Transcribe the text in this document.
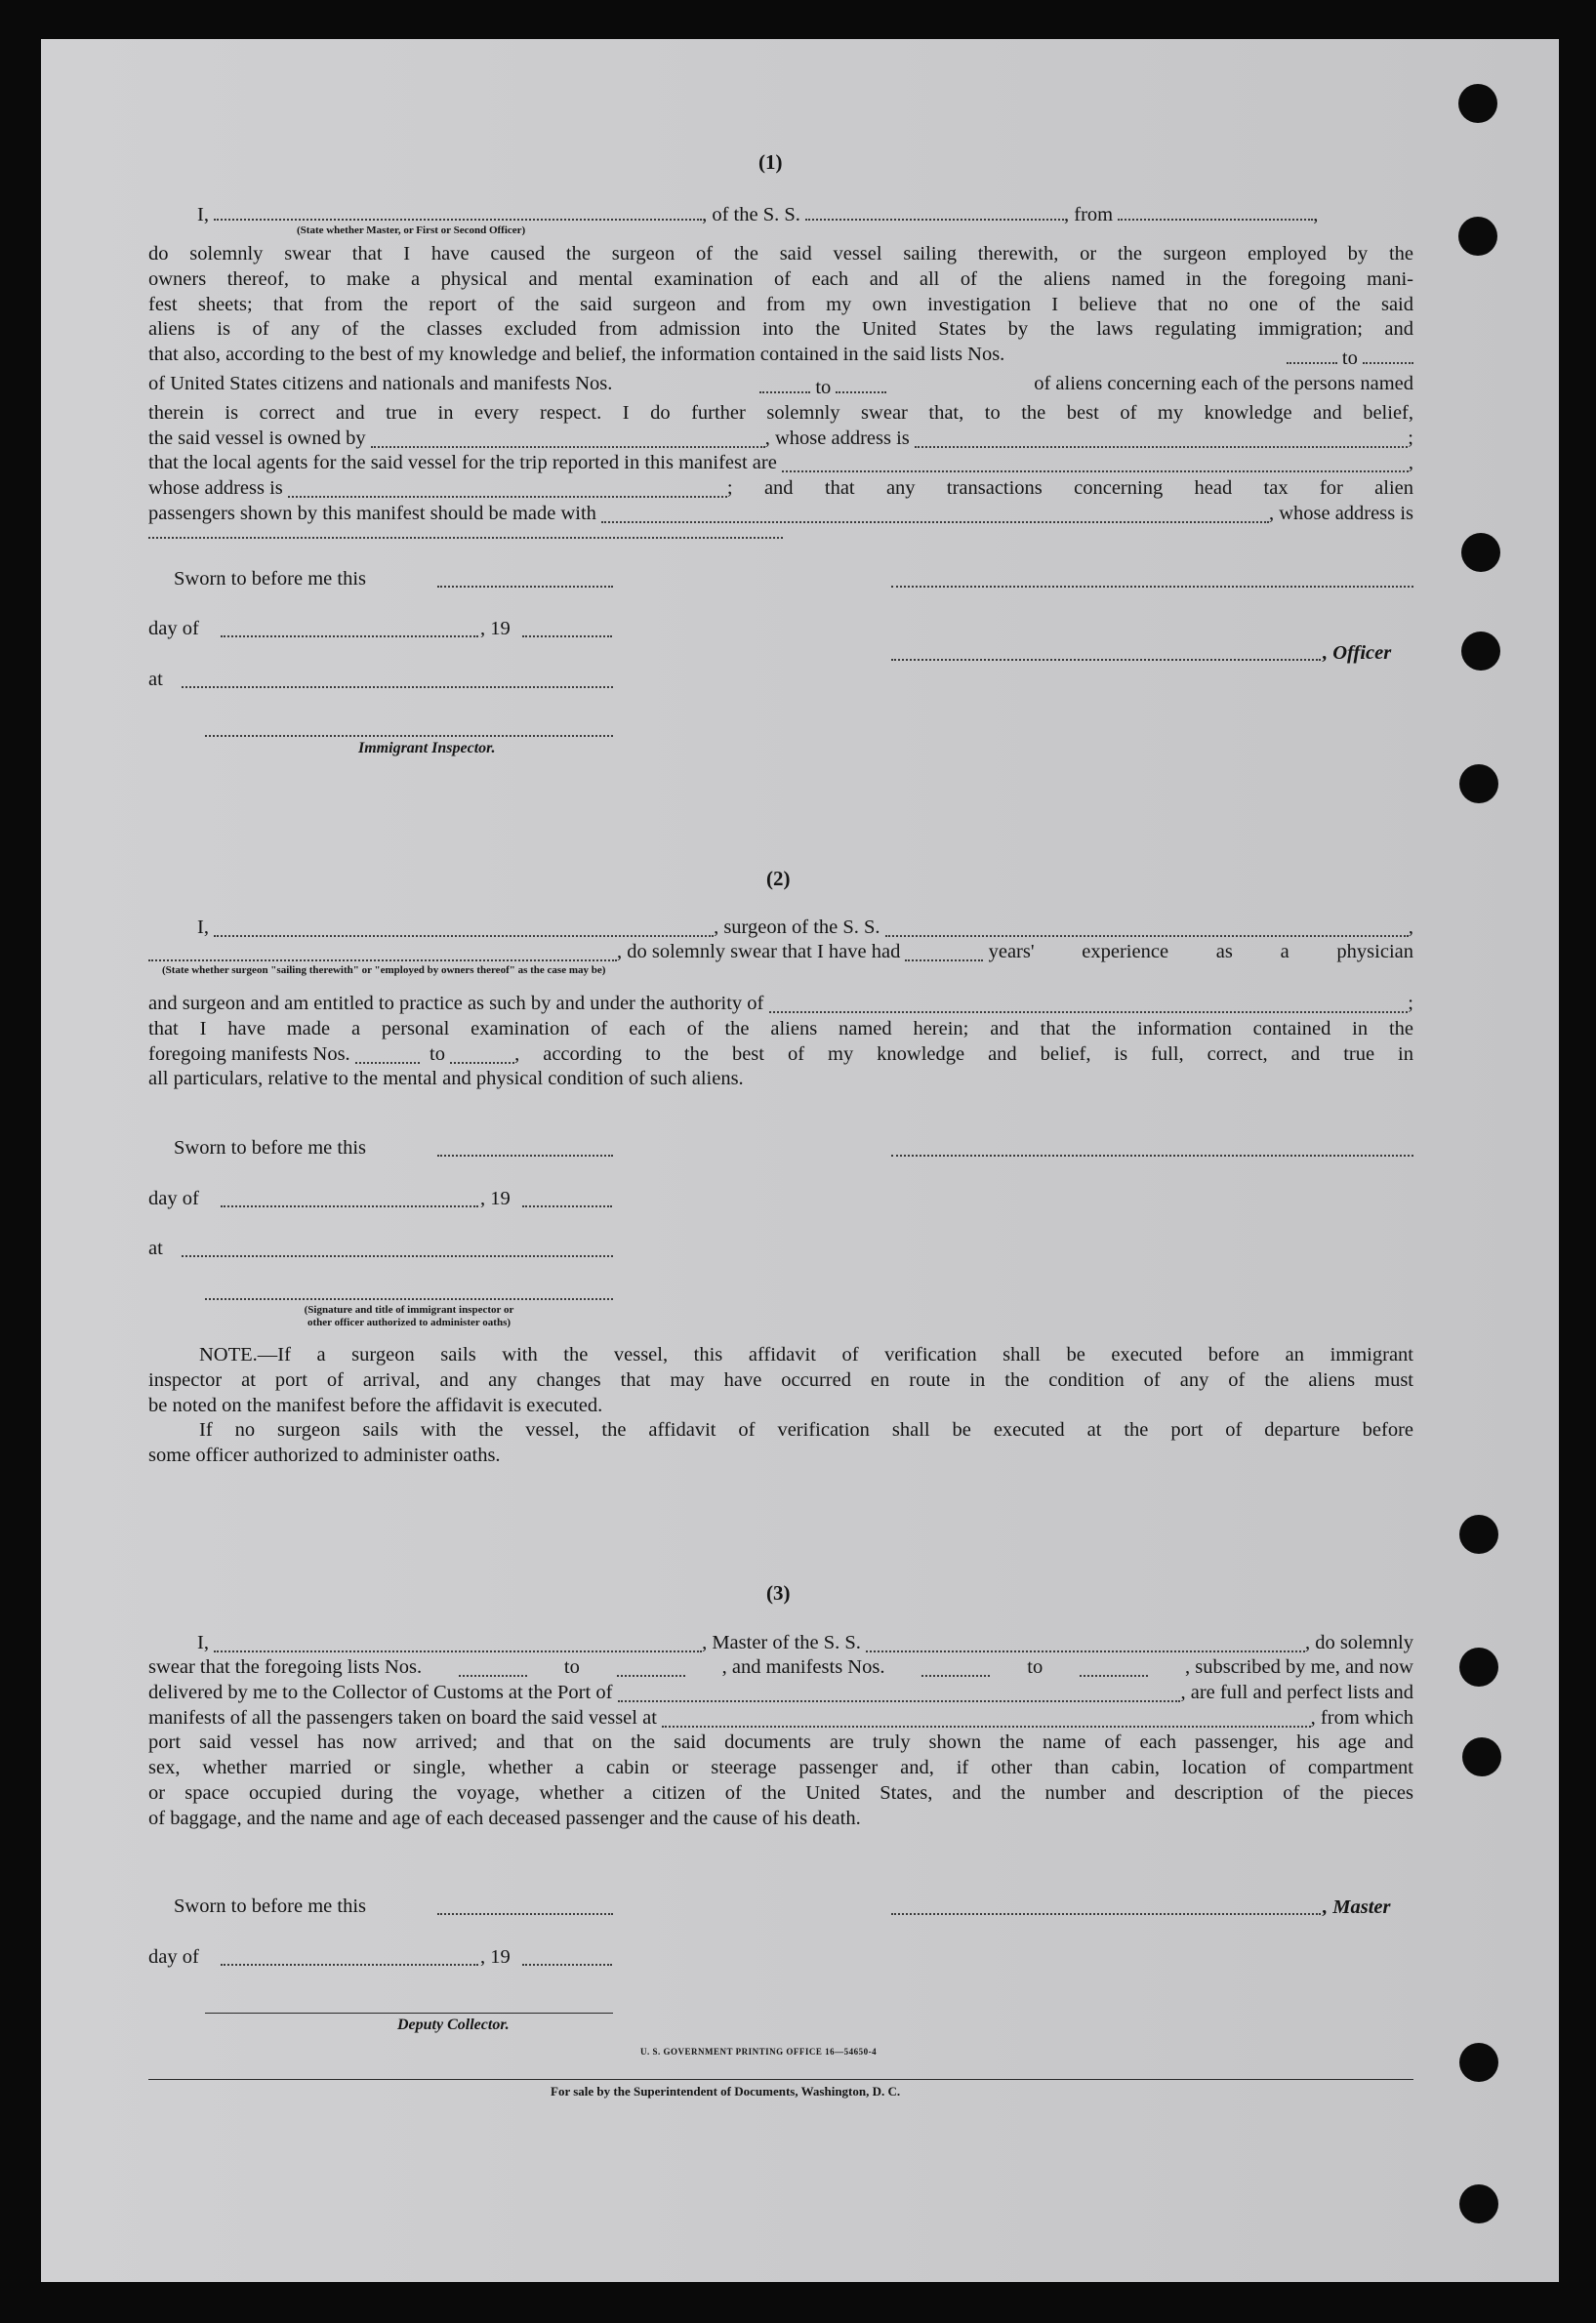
(1)
I,	, of the S. S.	, from	,
(State whether Master, or First or Second Officer)

do solemnly swear that I have caused the surgeon of the said vessel sailing therewith, or the surgeon employed by the

owners thereof, to make a physical and mental examination of each and all of the aliens named in the foregoing mani-

fest sheets; that from the report of the said surgeon and from my own investigation I believe that no one of the said

aliens is of any of the classes excluded from admission into the United States by the laws regulating immigration; and

that also, according to the best of my knowledge and belief, the information contained in the said lists Nos.	to

of United States citizens and nationals and manifests Nos.	to	of aliens concerning each of the persons named

therein is correct and true in every respect. I do further solemnly swear that, to the best of my knowledge and belief,

the said vessel is owned by
	, whose address is
	;

that the local agents for the said vessel for the trip reported in this manifest are
	,

whose address is
	; and that any transactions concerning head tax for alien

passengers shown by this manifest should be made with
	, whose address is

Sworn to before me this
day of	, 19
, Officer
at
Immigrant Inspector.
(2)
I,
	, surgeon of the S. S.
	,
, do solemnly swear that I have had

	years' experience as a physician
(State whether surgeon "sailing therewith" or "employed by owners thereof" as the case may be)

and surgeon and am entitled to practice as such by and under the authority of
	;

that I have made a personal examination of each of the aliens named herein; and that the information contained in the

foregoing manifests Nos.

	to
	, according to the best of my knowledge and belief, is full, correct, and true in

all particulars, relative to the mental and physical condition of such aliens.

Sworn to before me this
day of	, 19
at
(Signature and title of immigrant inspector or
other officer authorized to administer oaths)

NOTE.—If a surgeon sails with the vessel, this affidavit of verification shall be executed before an immigrant

inspector at port of arrival, and any changes that may have occurred en route in the condition of any of the aliens must

be noted on the manifest before the affidavit is executed.

If no surgeon sails with the vessel, the affidavit of verification shall be executed at the port of departure before

some officer authorized to administer oaths.

(3)
I,
	, Master of the S. S.
	, do solemnly

swear that the foregoing lists Nos.	to	, and manifests Nos.	to	, subscribed by me, and now

delivered by me to the Collector of Customs at the Port of
	, are full and perfect lists and

manifests of all the passengers taken on board the said vessel at
	, from which

port said vessel has now arrived; and that on the said documents are truly shown the name of each passenger, his age and

sex, whether married or single, whether a cabin or steerage passenger and, if other than cabin, location of compartment

or space occupied during the voyage, whether a citizen of the United States, and the number and description of the pieces

of baggage, and the name and age of each deceased passenger and the cause of his death.

Sworn to before me this	, Master
day of	, 19
Deputy Collector.
U. S. GOVERNMENT PRINTING OFFICE 16—54650-4
For sale by the Superintendent of Documents, Washington, D. C.
